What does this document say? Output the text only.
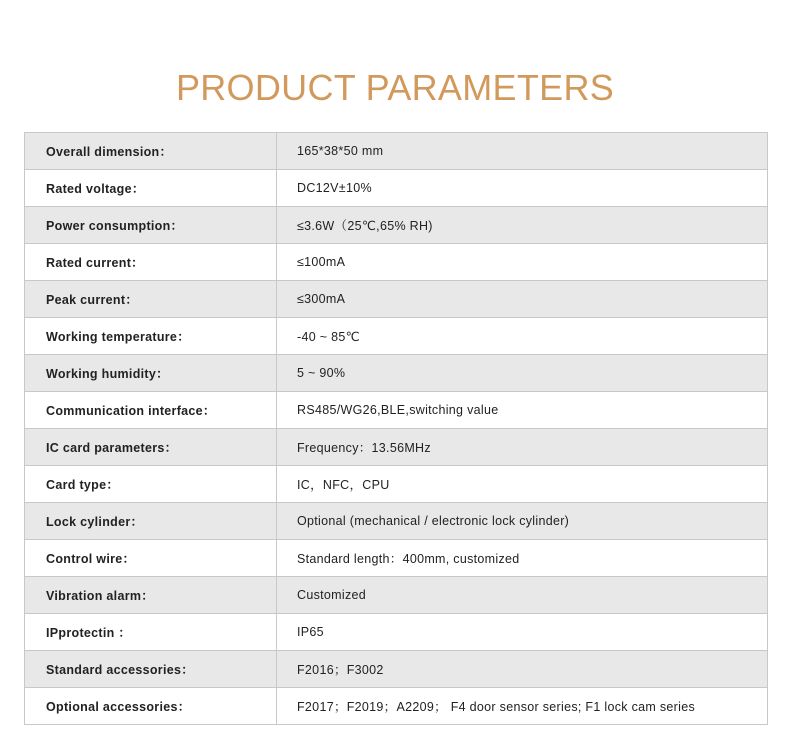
PRODUCT PARAMETERS
Overall dimension：	165*38*50 mm
Rated voltage：	DC12V±10%
Power consumption：	≤3.6W（25℃,65% RH)
Rated current：	≤100mA
Peak current：	≤300mA
Working temperature：	-40 ~ 85℃
Working humidity：	5 ~ 90%
Communication interface：	RS485/WG26,BLE,switching value
IC card parameters：	Frequency：13.56MHz
Card type：	IC，NFC，CPU
Lock cylinder：	Optional (mechanical / electronic lock cylinder)
Control wire：	Standard length：400mm, customized
Vibration alarm：	Customized
IPprotectin ：	IP65
Standard accessories：	F2016；F3002
Optional accessories：	F2017；F2019；A2209； F4 door sensor series; F1 lock cam series
